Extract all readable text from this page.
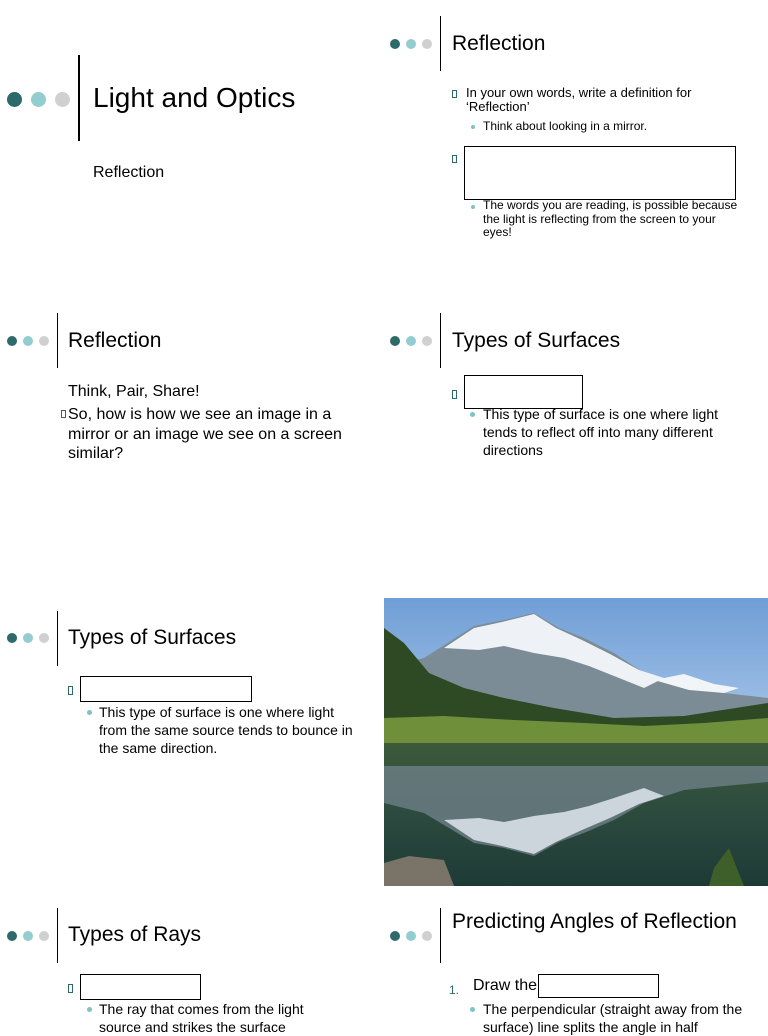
Light and Optics
Reflection
Reflection
In your own words, write a definition for ‘Reflection’
Think about looking in a mirror.
The words you are reading, is possible because the light is reflecting from the screen to your eyes!
Reflection
Think, Pair, Share!
So, how is how we see an image in a mirror or an image we see on a screen similar?
Types of Surfaces
This type of surface is one where light tends to reflect off into many different directions
Types of Surfaces
This type of surface is one where light from the same source tends to bounce in the same direction.
Types of Rays
The ray that comes from the light source and strikes the surface
Predicting Angles of Reflection
1. Draw the
The perpendicular (straight away from the surface) line splits the angle in half
